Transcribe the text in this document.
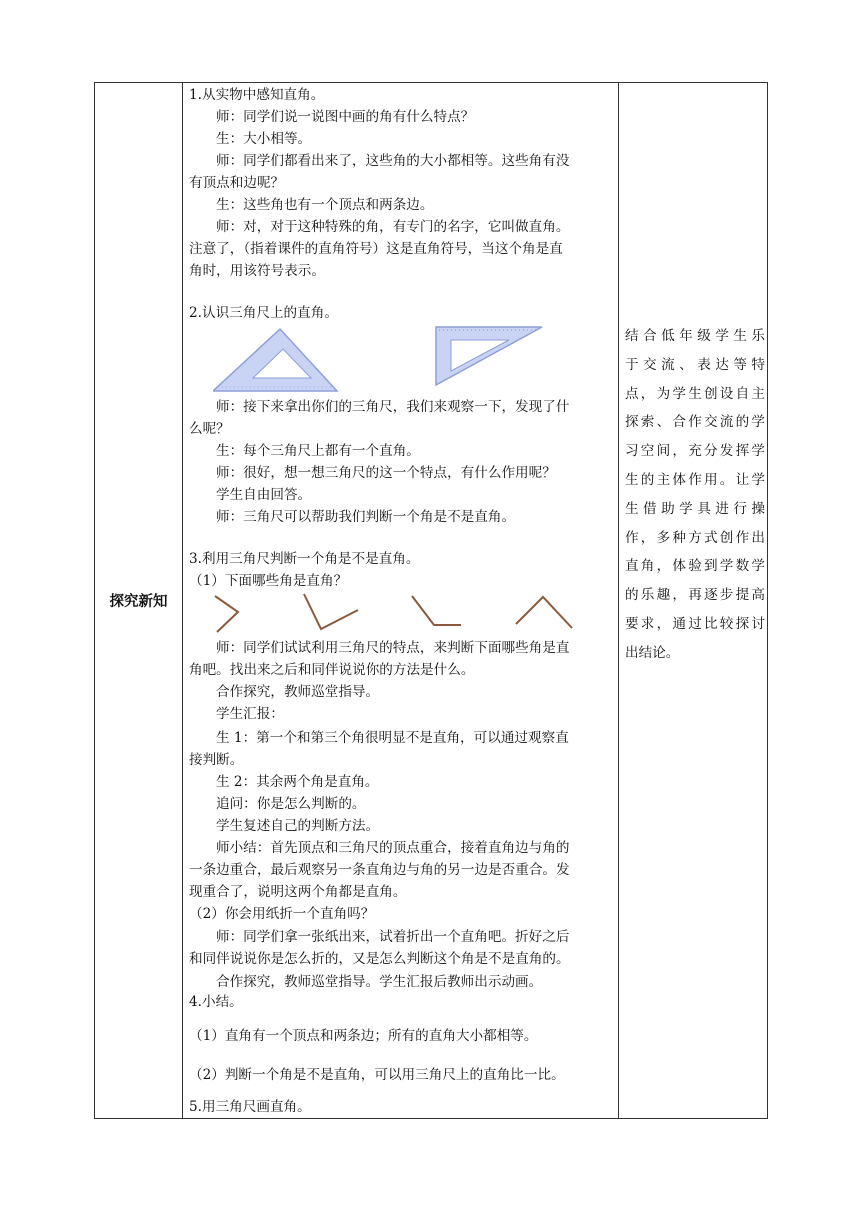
探究新知	
1.从实物中感知直角。
师：同学们说一说图中画的角有什么特点？
生：大小相等。
师：同学们都看出来了，这些角的大小都相等。这些角有没
有顶点和边呢？
生：这些角也有一个顶点和两条边。
师：对，对于这种特殊的角，有专门的名字，它叫做直角。
注意了，（指着课件的直角符号）这是直角符号，当这个角是直
角时，用该符号表示。
2.认识三角尺上的直角。
师：接下来拿出你们的三角尺，我们来观察一下，发现了什
么呢？
生：每个三角尺上都有一个直角。
师：很好，想一想三角尺的这一个特点，有什么作用呢？
学生自由回答。
师：三角尺可以帮助我们判断一个角是不是直角。
3.利用三角尺判断一个角是不是直角。
（1）下面哪些角是直角？
师：同学们试试利用三角尺的特点，来判断下面哪些角是直
角吧。找出来之后和同伴说说你的方法是什么。
合作探究，教师巡堂指导。
学生汇报：
生 1：第一个和第三个角很明显不是直角，可以通过观察直
接判断。
生 2：其余两个角是直角。
追问：你是怎么判断的。
学生复述自己的判断方法。
师小结：首先顶点和三角尺的顶点重合，接着直角边与角的
一条边重合，最后观察另一条直角边与角的另一边是否重合。发
现重合了，说明这两个角都是直角。
（2）你会用纸折一个直角吗？
师：同学们拿一张纸出来，试着折出一个直角吧。折好之后
和同伴说说你是怎么折的，又是怎么判断这个角是不是直角的。
合作探究，教师巡堂指导。学生汇报后教师出示动画。
4.小结。
（1）直角有一个顶点和两条边；所有的直角大小都相等。
（2）判断一个角是不是直角，可以用三角尺上的直角比一比。
5.用三角尺画直角。

结合低年级学生乐
于交流、表达等特
点，为学生创设自主
探索、合作交流的学
习空间，充分发挥学
生的主体作用。让学
生借助学具进行操
作，多种方式创作出
直角，体验到学数学
的乐趣，再逐步提高
要求，通过比较探讨
出结论。
